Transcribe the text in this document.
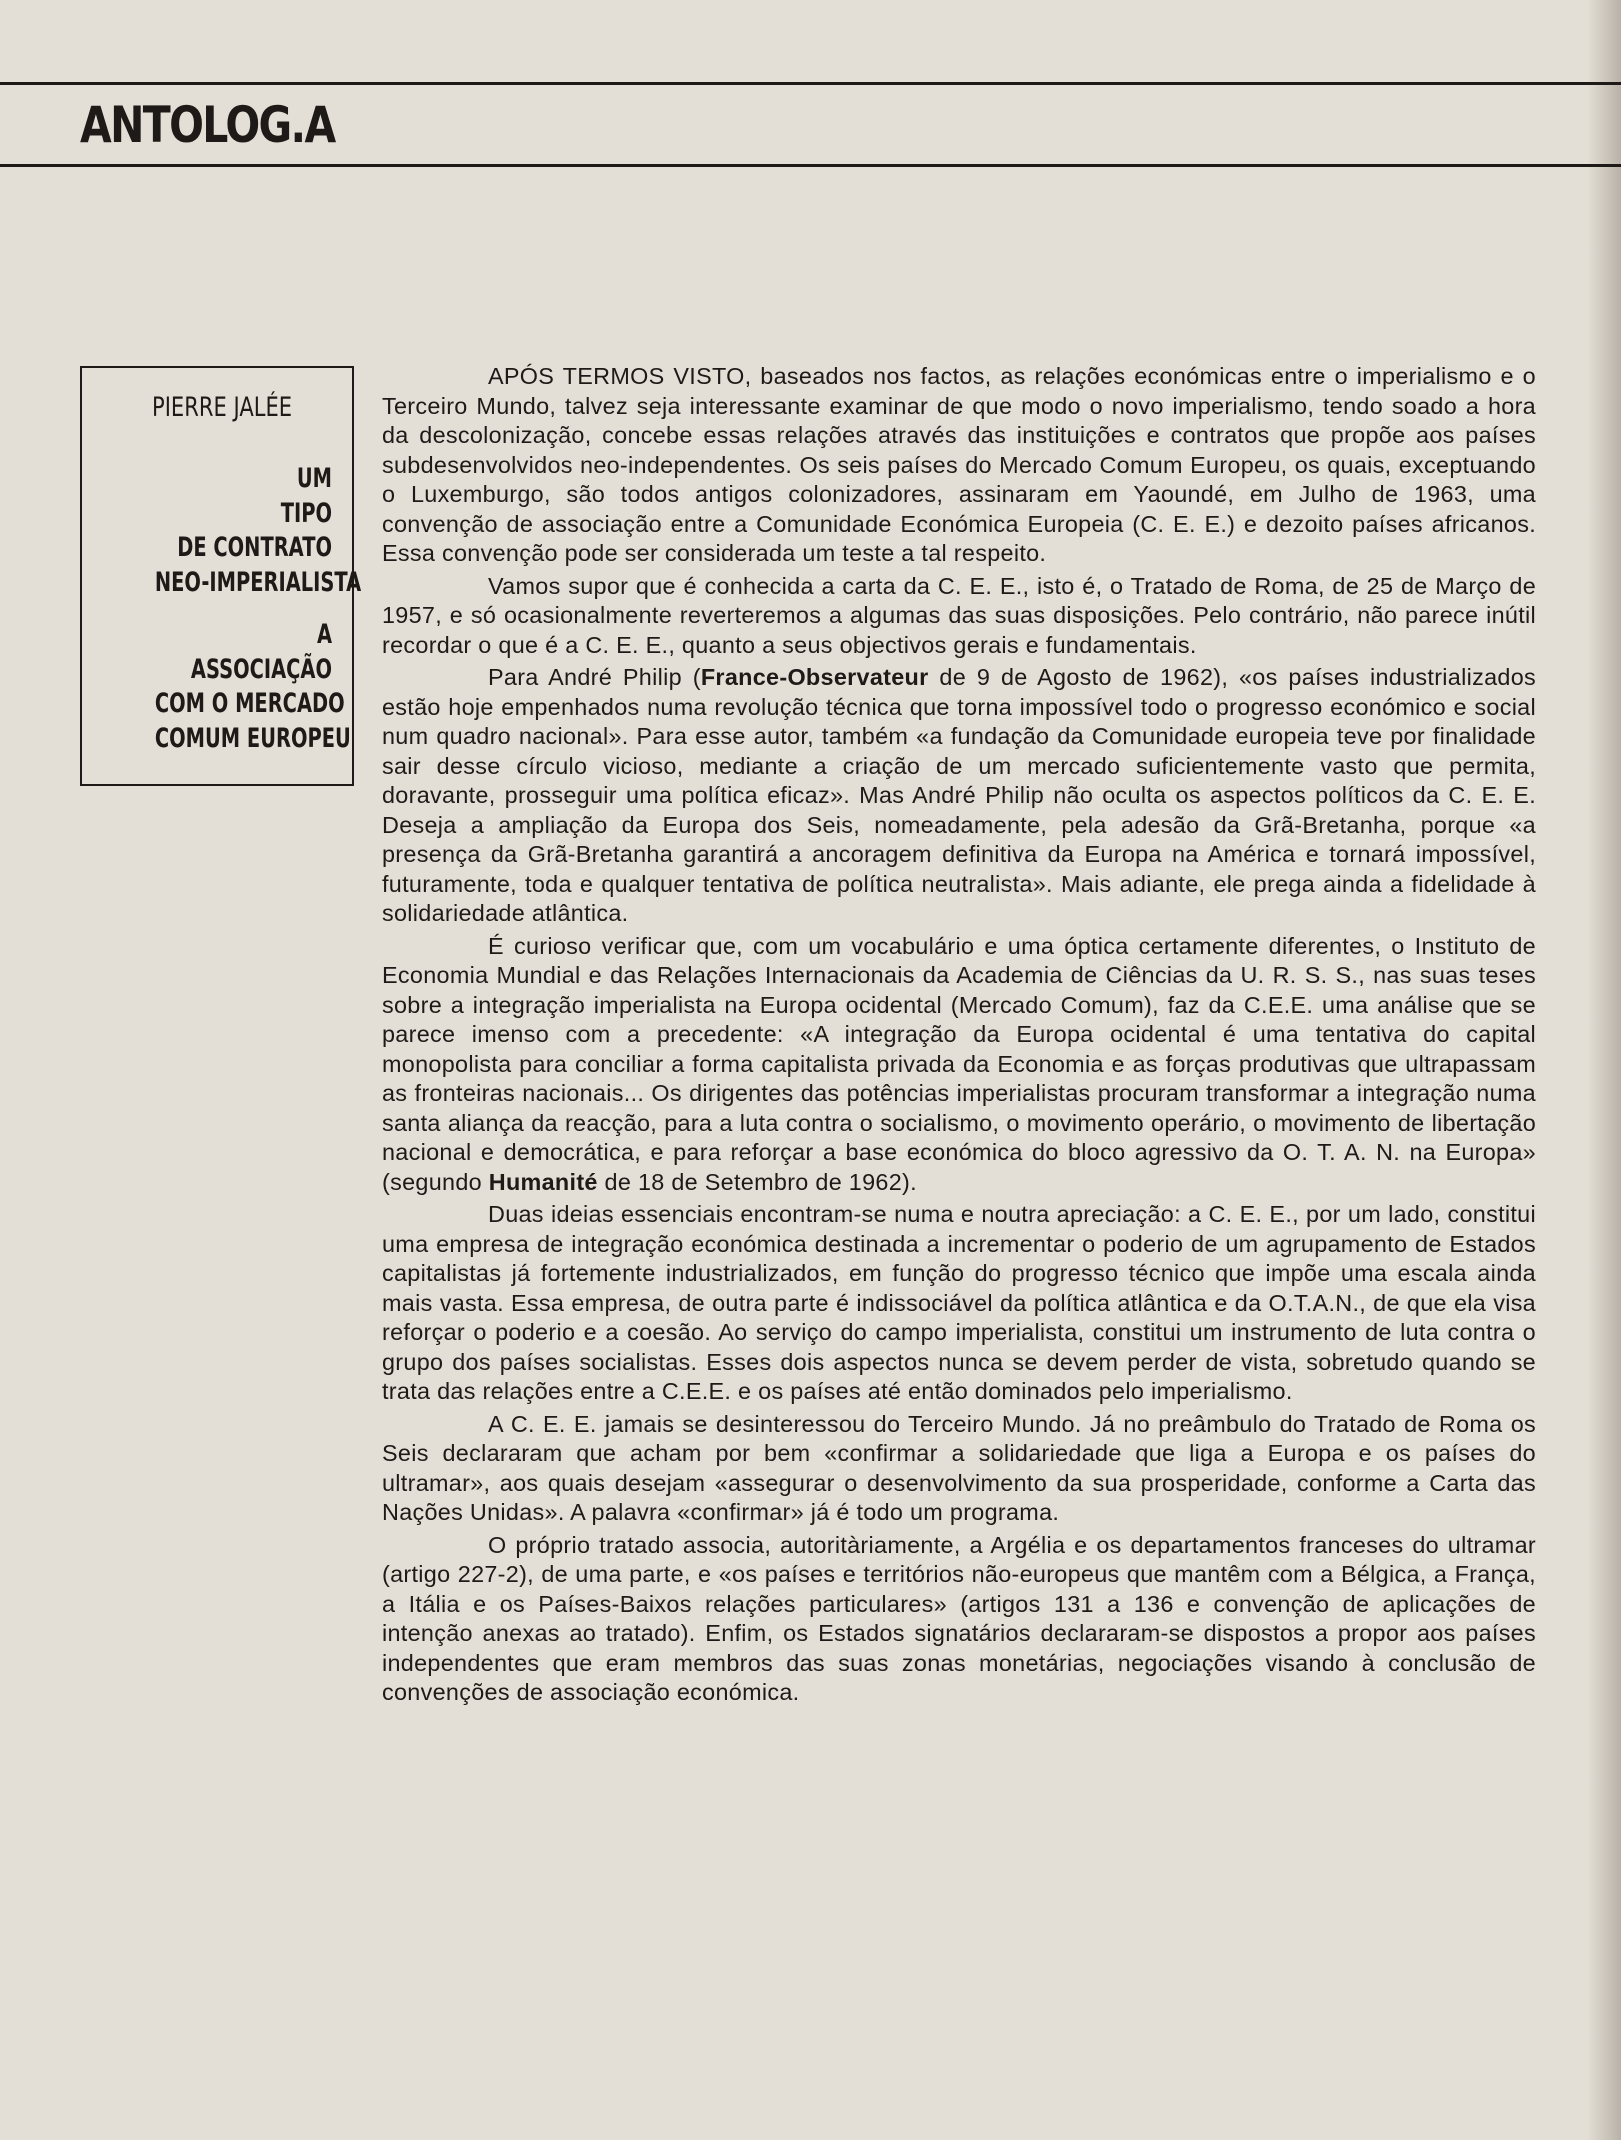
ANTOLOG.A
PIERRE JALÉE
UM
TIPO
DE CONTRATO
NEO-IMPERIALISTA
A
ASSOCIAÇÃO
COM O MERCADO
COMUM EUROPEU

APÓS TERMOS VISTO, baseados nos factos, as relações económicas entre o imperialismo e o Terceiro Mundo, talvez seja interessante examinar de que modo o novo imperialismo, tendo soado a hora da descolonização, concebe essas relações através das instituições e contratos que propõe aos países subdesenvolvidos neo-independentes. Os seis países do Mercado Comum Europeu, os quais, exceptuando o Luxemburgo, são todos antigos colonizadores, assinaram em Yaoundé, em Julho de 1963, uma convenção de associação entre a Comunidade Económica Europeia (C. E. E.) e dezoito países africanos. Essa convenção pode ser considerada um teste a tal respeito.

Vamos supor que é conhecida a carta da C. E. E., isto é, o Tratado de Roma, de 25 de Março de 1957, e só ocasionalmente reverteremos a algumas das suas disposições. Pelo contrário, não parece inútil recordar o que é a C. E. E., quanto a seus objectivos gerais e fundamentais.

Para André Philip (France-Observateur de 9 de Agosto de 1962), «os países industrializados estão hoje empenhados numa revolução técnica que torna impossível todo o progresso económico e social num quadro nacional». Para esse autor, também «a fundação da Comunidade europeia teve por finalidade sair desse círculo vicioso, mediante a criação de um mercado suficientemente vasto que permita, doravante, prosseguir uma política eficaz». Mas André Philip não oculta os aspectos políticos da C. E. E. Deseja a ampliação da Europa dos Seis, nomeadamente, pela adesão da Grã-Bretanha, porque «a presença da Grã-Bretanha garantirá a ancoragem definitiva da Europa na América e tornará impossível, futuramente, toda e qualquer tentativa de política neutralista». Mais adiante, ele prega ainda a fidelidade à solidariedade atlântica.

É curioso verificar que, com um vocabulário e uma óptica certamente diferentes, o Instituto de Economia Mundial e das Relações Internacionais da Academia de Ciências da U. R. S. S., nas suas teses sobre a integração imperialista na Europa ocidental (Mercado Comum), faz da C.E.E. uma análise que se parece imenso com a precedente: «A integração da Europa ocidental é uma tentativa do capital monopolista para conciliar a forma capitalista privada da Economia e as forças produtivas que ultrapassam as fronteiras nacionais... Os dirigentes das potências imperialistas procuram transformar a integração numa santa aliança da reacção, para a luta contra o socialismo, o movimento operário, o movimento de libertação nacional e democrática, e para reforçar a base económica do bloco agressivo da O. T. A. N. na Europa» (segundo Humanité de 18 de Setembro de 1962).

Duas ideias essenciais encontram-se numa e noutra apreciação: a C. E. E., por um lado, constitui uma empresa de integração económica destinada a incrementar o poderio de um agrupamento de Estados capitalistas já fortemente industrializados, em função do progresso técnico que impõe uma escala ainda mais vasta. Essa empresa, de outra parte é indissociável da política atlântica e da O.T.A.N., de que ela visa reforçar o poderio e a coesão. Ao serviço do campo imperialista, constitui um instrumento de luta contra o grupo dos países socialistas. Esses dois aspectos nunca se devem perder de vista, sobretudo quando se trata das relações entre a C.E.E. e os países até então dominados pelo imperialismo.

A C. E. E. jamais se desinteressou do Terceiro Mundo. Já no preâmbulo do Tratado de Roma os Seis declararam que acham por bem «confirmar a solidariedade que liga a Europa e os países do ultramar», aos quais desejam «assegurar o desenvolvimento da sua prosperidade, conforme a Carta das Nações Unidas». A palavra «confirmar» já é todo um programa.

O próprio tratado associa, autoritàriamente, a Argélia e os departamentos franceses do ultramar (artigo 227-2), de uma parte, e «os países e territórios não-europeus que mantêm com a Bélgica, a França, a Itália e os Países-Baixos relações particulares» (artigos 131 a 136 e convenção de aplicações de intenção anexas ao tratado). Enfim, os Estados signatários declararam-se dispostos a propor aos países independentes que eram membros das suas zonas monetárias, negociações visando à conclusão de convenções de associação económica.
